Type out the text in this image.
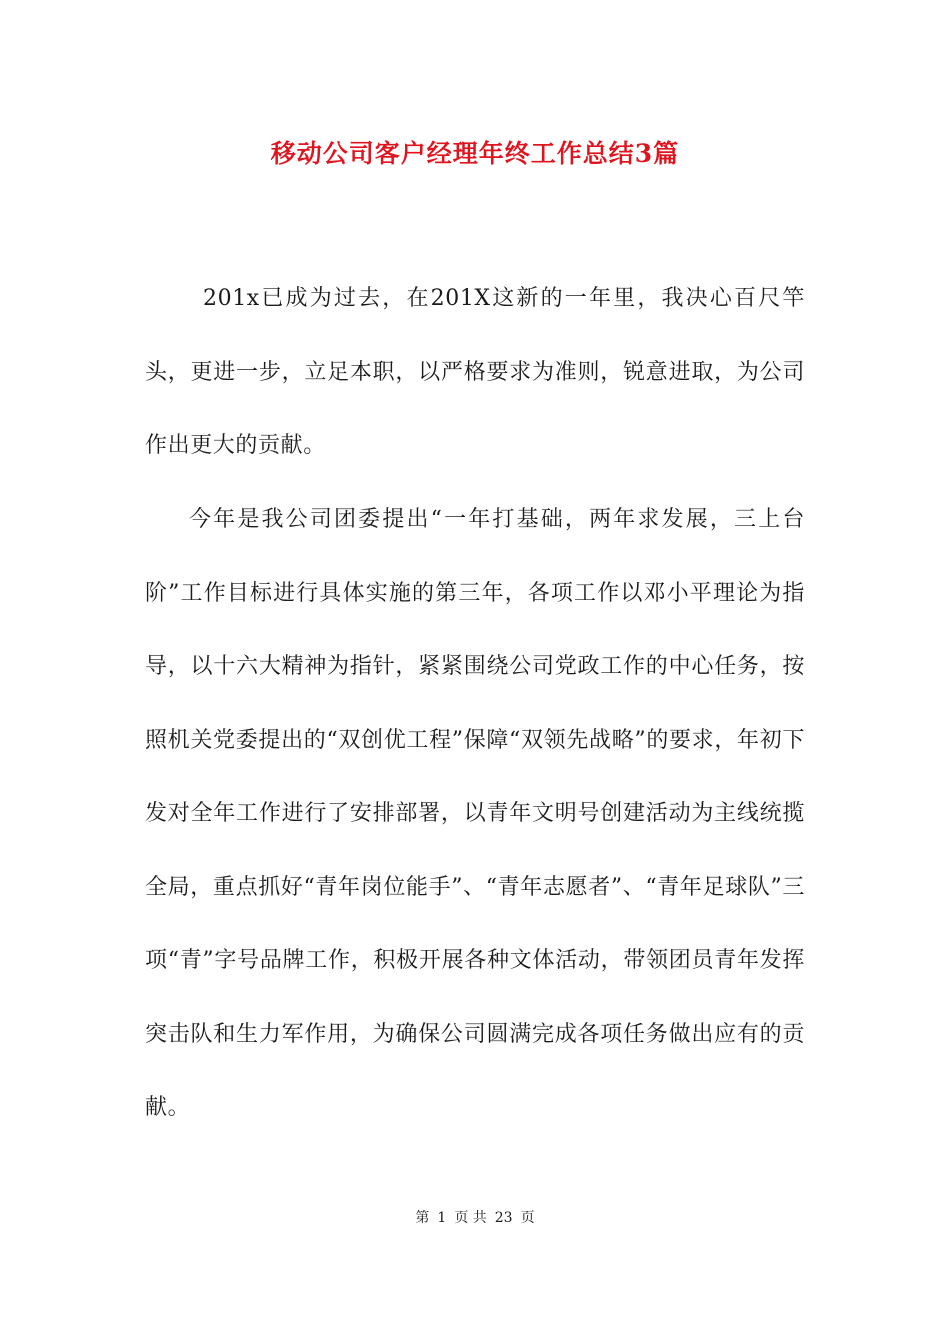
移动公司客户经理年终工作总结3篇

201x已成为过去，在201X这新的一年里，我决心百尺竿头，更进一步，立足本职，以严格要求为准则，锐意进取，为公司作出更大的贡献。

今年是我公司团委提出“一年打基础，两年求发展，三上台阶”工作目标进行具体实施的第三年，各项工作以邓小平理论为指导，以十六大精神为指针，紧紧围绕公司党政工作的中心任务，按照机关党委提出的“双创优工程”保障“双领先战略”的要求，年初下发对全年工作进行了安排部署，以青年文明号创建活动为主线统揽全局，重点抓好“青年岗位能手”、“青年志愿者”、“青年足球队”三项“青”字号品牌工作，积极开展各种文体活动，带领团员青年发挥突击队和生力军作用，为确保公司圆满完成各项任务做出应有的贡献。

第 1 页 共 23 页
